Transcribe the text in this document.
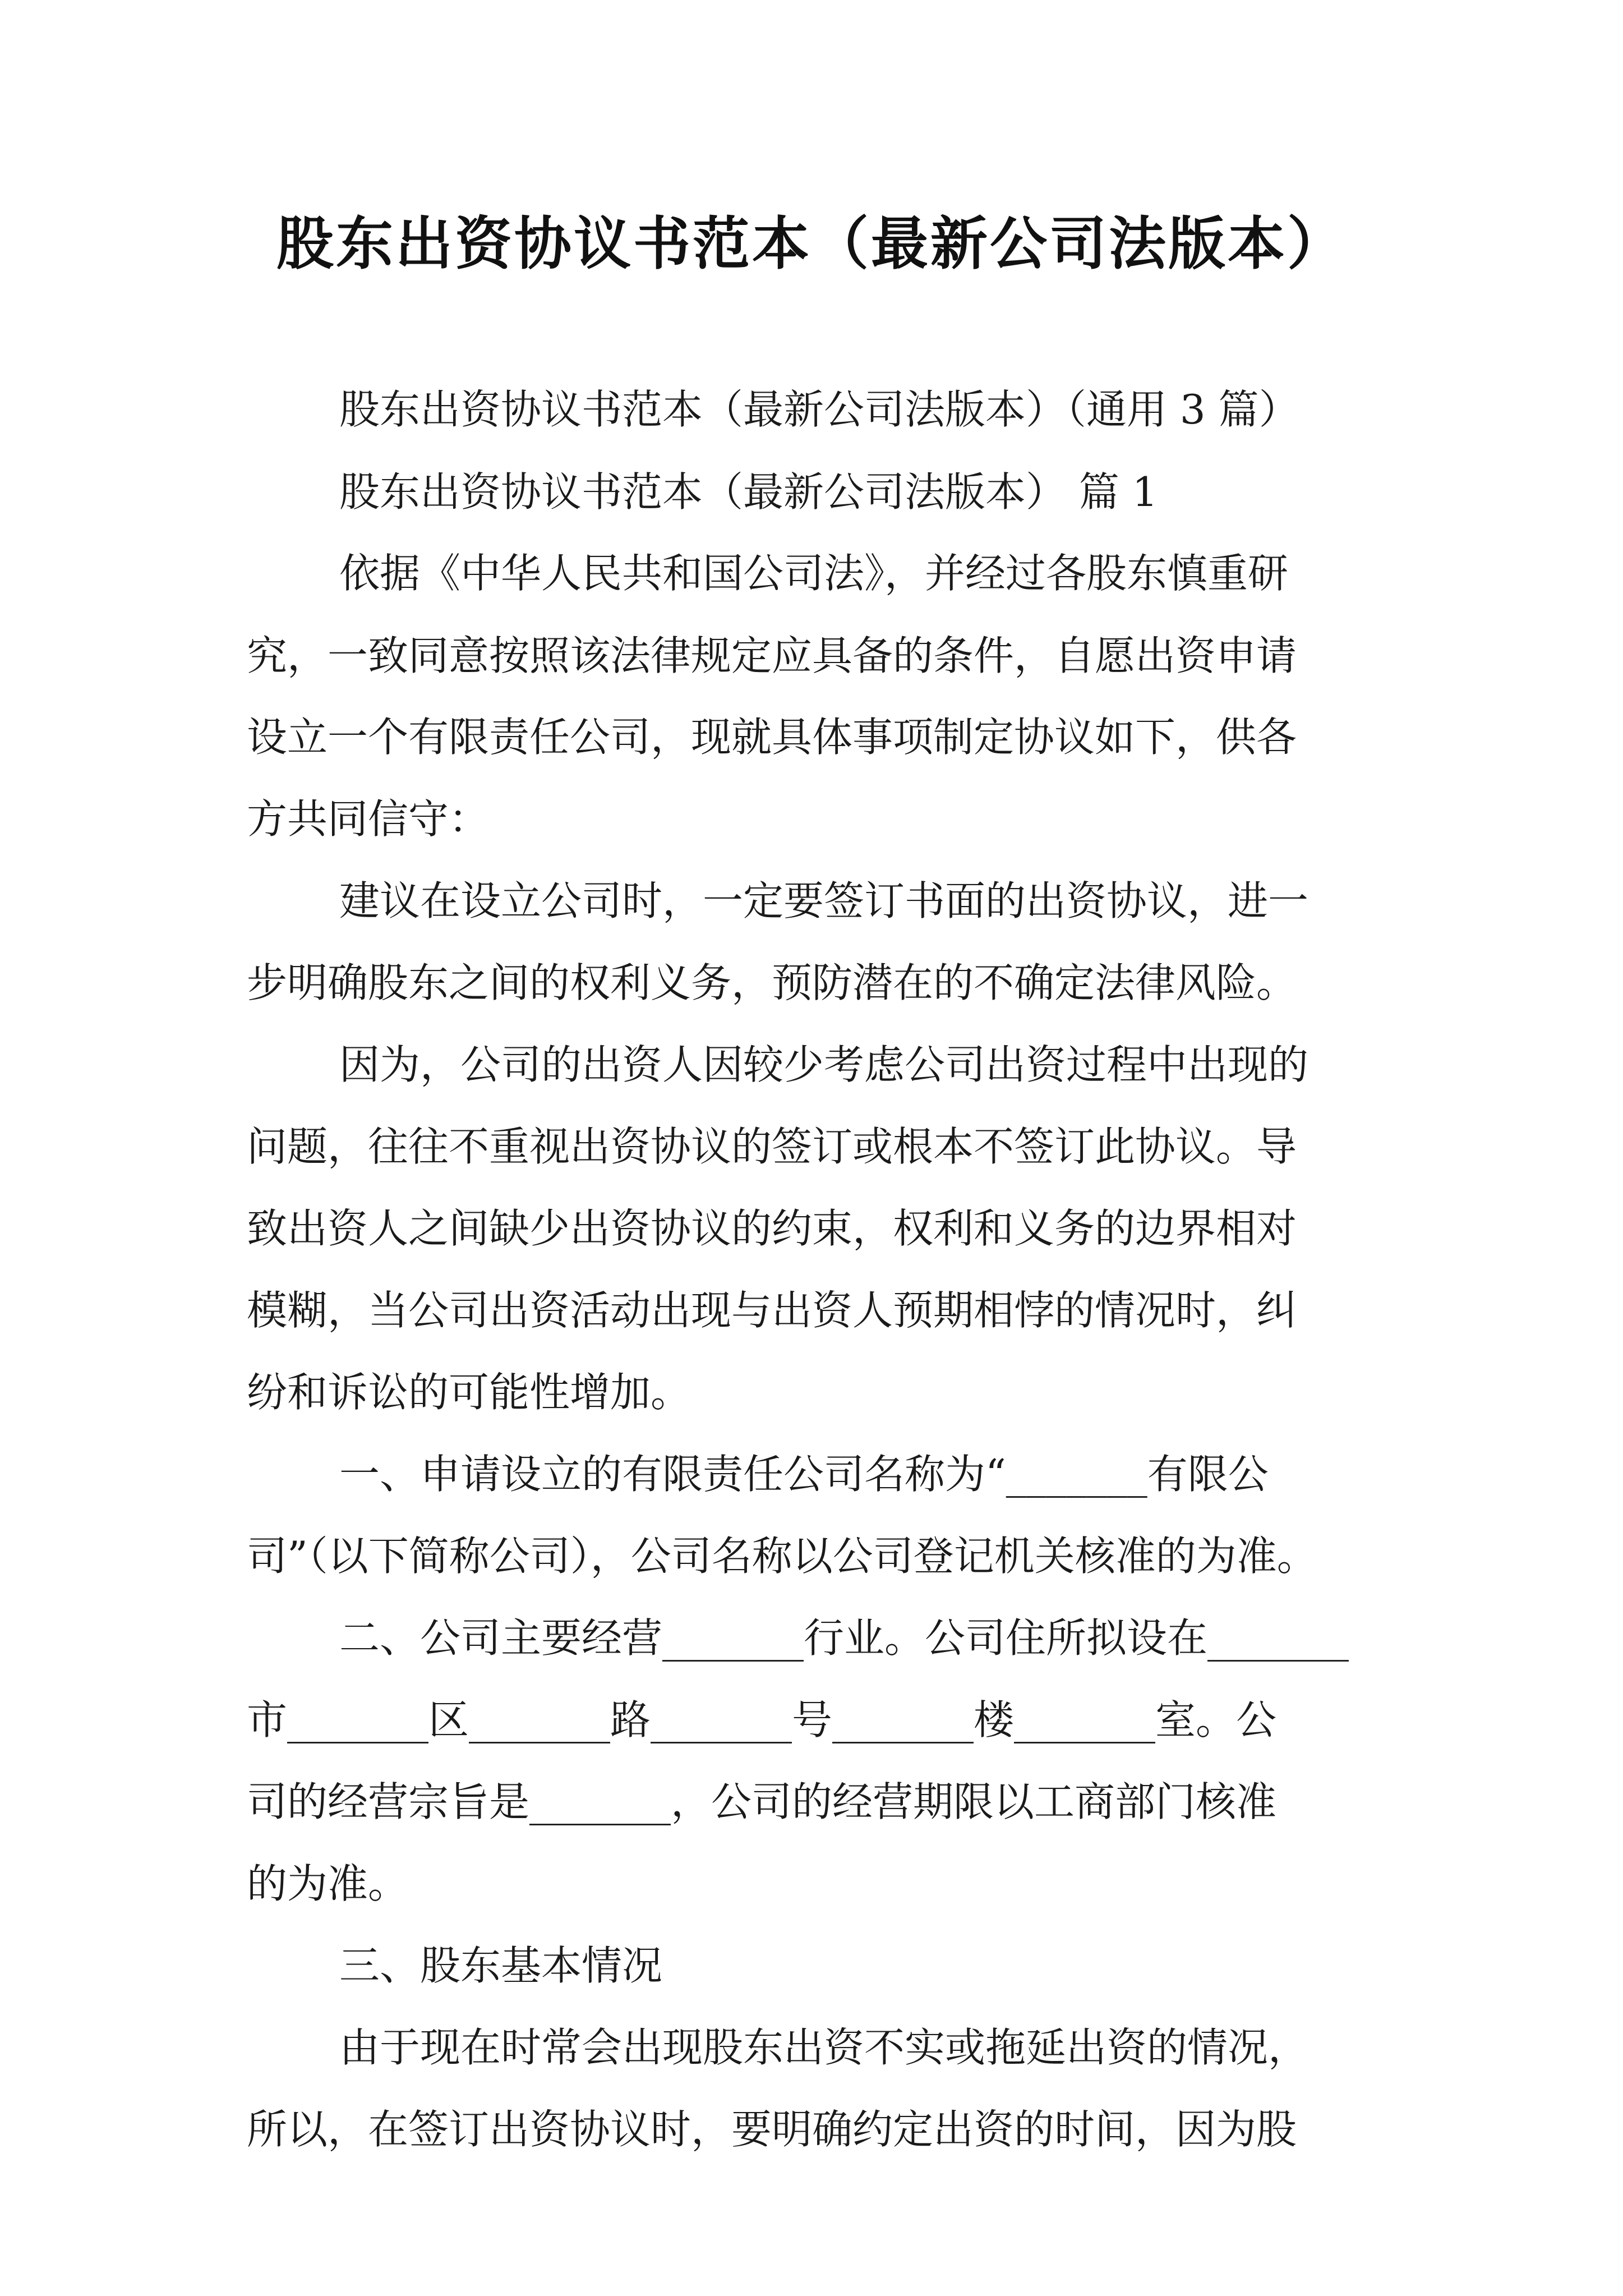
股东出资协议书范本（最新公司法版本）
股东出资协议书范本（最新公司法版本）（通用 3 篇）
股东出资协议书范本（最新公司法版本） 篇 1
依据《中华人民共和国公司法》，并经过各股东慎重研
究，一致同意按照该法律规定应具备的条件，自愿出资申请
设立一个有限责任公司，现就具体事项制定协议如下，供各
方共同信守：
建议在设立公司时，一定要签订书面的出资协议，进一
步明确股东之间的权利义务，预防潜在的不确定法律风险。
因为，公司的出资人因较少考虑公司出资过程中出现的
问题，往往不重视出资协议的签订或根本不签订此协议。导
致出资人之间缺少出资协议的约束，权利和义务的边界相对
模糊，当公司出资活动出现与出资人预期相悖的情况时，纠
纷和诉讼的可能性增加。
一、申请设立的有限责任公司名称为“_______有限公
司”（以下简称公司），公司名称以公司登记机关核准的为准。
二、公司主要经营_______行业。公司住所拟设在_______
市_______区_______路_______号_______楼_______室。公
司的经营宗旨是_______，公司的经营期限以工商部门核准
的为准。
三、股东基本情况
由于现在时常会出现股东出资不实或拖延出资的情况，
所以，在签订出资协议时，要明确约定出资的时间，因为股
